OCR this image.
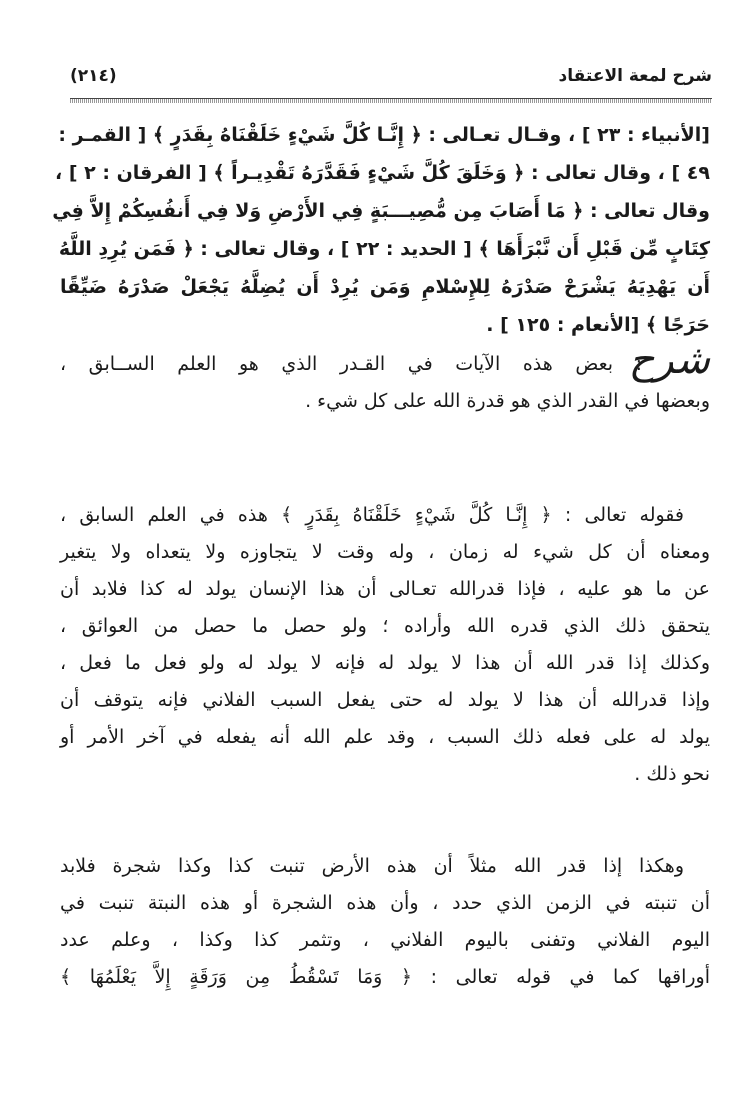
شرح لمعة الاعتقاد
(٢١٤)
[الأنبياء : ٢٣ ] ، وقـال تعـالى : ﴿ إِنَّـا كُلَّ شَيْءٍ خَلَقْنَاهُ بِقَدَرٍ ﴾ [ القمـر :
٤٩ ] ، وقال تعالى : ﴿ وَخَلَقَ كُلَّ شَيْءٍ فَقَدَّرَهُ تَقْدِيـراً ﴾ [ الفرقان : ٢ ] ،
وقال تعالى : ﴿ مَا أَصَابَ مِن مُّصِيـــبَةٍ فِي الأَرْضِ وَلا فِي أَنفُسِكُمْ إِلاَّ فِي
كِتَابٍ مِّن قَبْلِ أَن نَّبْرَأَهَا ﴾ [ الحديد : ٢٢ ] ، وقال تعالى : ﴿ فَمَن يُرِدِ اللَّهُ
أَن يَهْدِيَهُ يَشْرَحْ صَدْرَهُ لِلإِسْلامِ وَمَن يُرِدْ أَن يُضِلَّهُ يَجْعَلْ صَدْرَهُ ضَيِّقًا
حَرَجًا ﴾ [الأنعام : ١٢٥ ] .
شرح
: بعض هذه الآيات في القـدر الذي هو العلم الســابق ،
وبعضها في القدر الذي هو قدرة الله على كل شيء .
فقوله تعالى : ﴿ إِنَّـا كُلَّ شَيْءٍ خَلَقْنَاهُ بِقَدَرٍ ﴾ هذه في العلم السابق ،
ومعناه أن كل شيء له زمان ، وله وقت لا يتجاوزه ولا يتعداه ولا يتغير
عن ما هو عليه ، فإذا قدرالله تعـالى أن هذا الإنسان يولد له كذا فلابد أن
يتحقق ذلك الذي قدره الله وأراده ؛ ولو حصل ما حصل من العوائق ،
وكذلك إذا قدر الله أن هذا لا يولد له فإنه لا يولد له ولو فعل ما فعل ،
وإذا قدرالله أن هذا لا يولد له حتى يفعل السبب الفلاني فإنه يتوقف أن
يولد له على فعله ذلك السبب ، وقد علم الله أنه يفعله في آخر الأمر أو
نحو ذلك .
وهكذا إذا قدر الله مثلاً أن هذه الأرض تنبت كذا وكذا شجرة فلابد
أن تنبته في الزمن الذي حدد ، وأن هذه الشجرة أو هذه النبتة تنبت في
اليوم الفلاني وتفنى باليوم الفلاني ، وتثمر كذا وكذا ، وعلم عدد
أوراقها كما في قوله تعالى : ﴿ وَمَا تَسْقُطُ مِن وَرَقَةٍ إِلاَّ يَعْلَمُهَا ﴾
